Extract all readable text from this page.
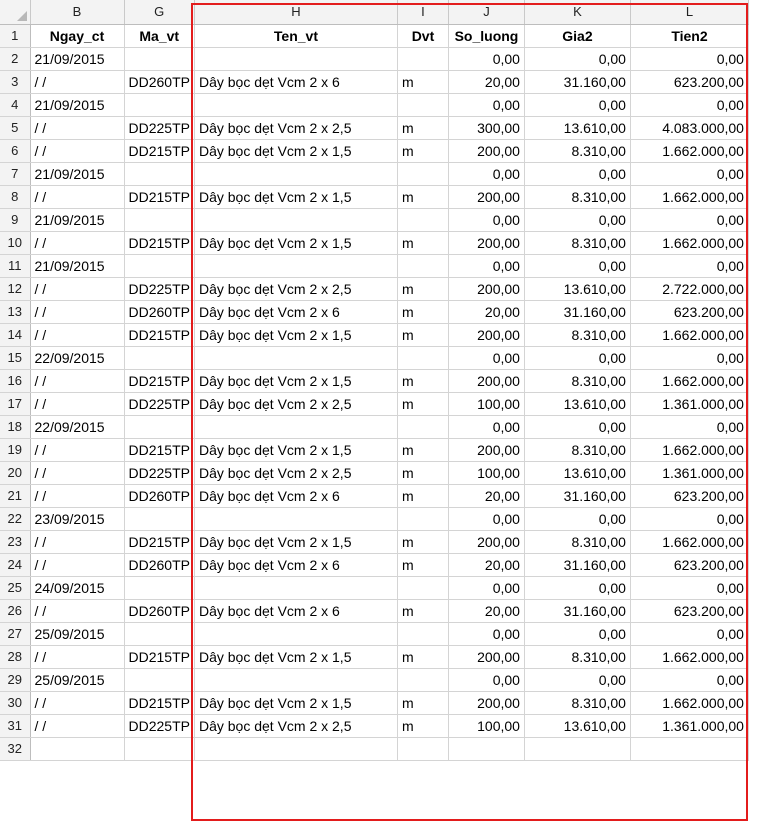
	B	G	H	I	J	K	L
1	Ngay_ct	Ma_vt	Ten_vt	Dvt	So_luong	Gia2	Tien2
2	21/09/2015				0,00	0,00	0,00
3	/ /	DD260TP	Dây bọc dẹt Vcm 2 x 6	m	20,00	31.160,00	623.200,00
4	21/09/2015				0,00	0,00	0,00
5	/ /	DD225TP	Dây bọc dẹt Vcm 2 x 2,5	m	300,00	13.610,00	4.083.000,00
6	/ /	DD215TP	Dây bọc dẹt Vcm 2 x 1,5	m	200,00	8.310,00	1.662.000,00
7	21/09/2015				0,00	0,00	0,00
8	/ /	DD215TP	Dây bọc dẹt Vcm 2 x 1,5	m	200,00	8.310,00	1.662.000,00
9	21/09/2015				0,00	0,00	0,00
10	/ /	DD215TP	Dây bọc dẹt Vcm 2 x 1,5	m	200,00	8.310,00	1.662.000,00
11	21/09/2015				0,00	0,00	0,00
12	/ /	DD225TP	Dây bọc dẹt Vcm 2 x 2,5	m	200,00	13.610,00	2.722.000,00
13	/ /	DD260TP	Dây bọc dẹt Vcm 2 x 6	m	20,00	31.160,00	623.200,00
14	/ /	DD215TP	Dây bọc dẹt Vcm 2 x 1,5	m	200,00	8.310,00	1.662.000,00
15	22/09/2015				0,00	0,00	0,00
16	/ /	DD215TP	Dây bọc dẹt Vcm 2 x 1,5	m	200,00	8.310,00	1.662.000,00
17	/ /	DD225TP	Dây bọc dẹt Vcm 2 x 2,5	m	100,00	13.610,00	1.361.000,00
18	22/09/2015				0,00	0,00	0,00
19	/ /	DD215TP	Dây bọc dẹt Vcm 2 x 1,5	m	200,00	8.310,00	1.662.000,00
20	/ /	DD225TP	Dây bọc dẹt Vcm 2 x 2,5	m	100,00	13.610,00	1.361.000,00
21	/ /	DD260TP	Dây bọc dẹt Vcm 2 x 6	m	20,00	31.160,00	623.200,00
22	23/09/2015				0,00	0,00	0,00
23	/ /	DD215TP	Dây bọc dẹt Vcm 2 x 1,5	m	200,00	8.310,00	1.662.000,00
24	/ /	DD260TP	Dây bọc dẹt Vcm 2 x 6	m	20,00	31.160,00	623.200,00
25	24/09/2015				0,00	0,00	0,00
26	/ /	DD260TP	Dây bọc dẹt Vcm 2 x 6	m	20,00	31.160,00	623.200,00
27	25/09/2015				0,00	0,00	0,00
28	/ /	DD215TP	Dây bọc dẹt Vcm 2 x 1,5	m	200,00	8.310,00	1.662.000,00
29	25/09/2015				0,00	0,00	0,00
30	/ /	DD215TP	Dây bọc dẹt Vcm 2 x 1,5	m	200,00	8.310,00	1.662.000,00
31	/ /	DD225TP	Dây bọc dẹt Vcm 2 x 2,5	m	100,00	13.610,00	1.361.000,00
32							
